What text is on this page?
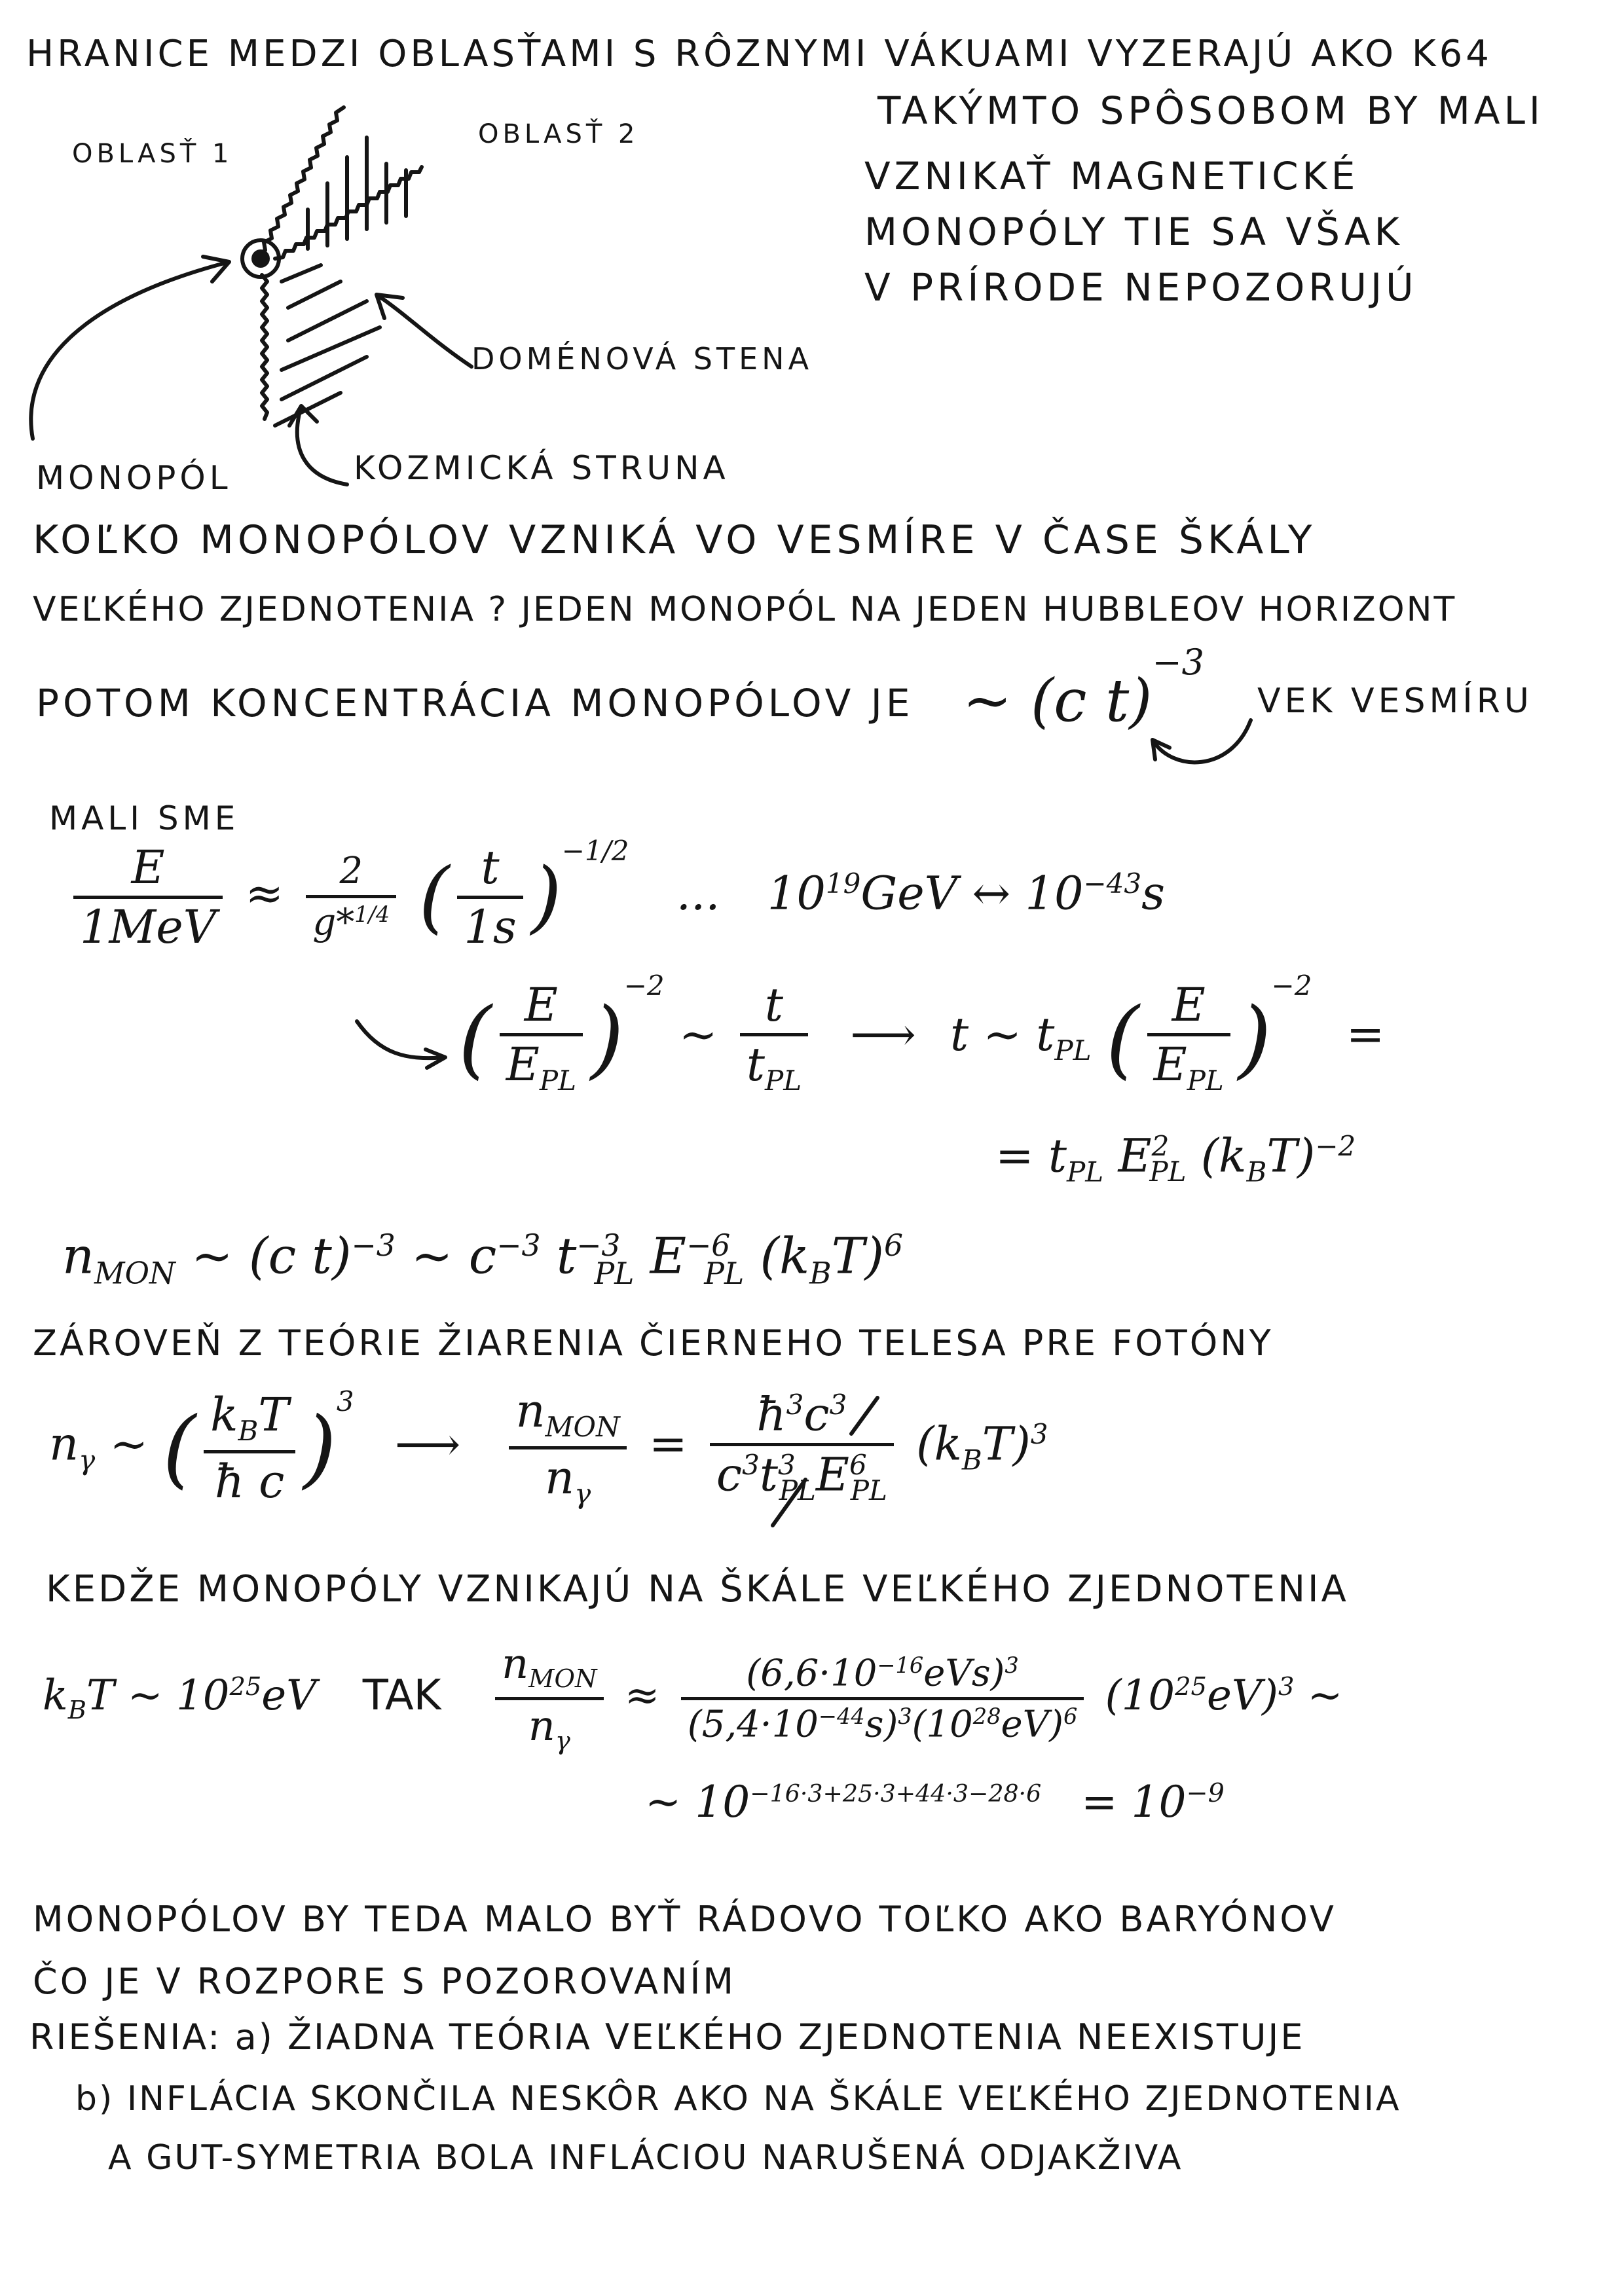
HRANICE MEDZI OBLASŤAMI S RÔZNYMI VÁKUAMI VYZERAJÚ AKO K64
OBLASŤ 1
OBLASŤ 2
DOMÉNOVÁ STENA
MONOPÓL	KOZMICKÁ STRUNA
TAKÝMTO SPÔSOBOM BY MALI
VZNIKAŤ MAGNETICKÉ
MONOPÓLY TIE SA VŠAK
V PRÍRODE NEPOZORUJÚ
KOĽKO MONOPÓLOV VZNIKÁ VO VESMÍRE V ČASE ŠKÁLY
VEĽKÉHO ZJEDNOTENIA ? JEDEN MONOPÓL NA JEDEN HUBBLEOV HORIZONT
POTOM KONCENTRÁCIA MONOPÓLOV JE ~ (c t)$^{-3}$
VEK VESMÍRU
MALI SME
$\frac{E}{\text{1MeV}} \approx \frac{2}{g*^{1/4}}$ ( $\frac{t}{1s} )^{-1/2}$ ... $10^{19}GeV$ ↔ $10^{-43}s$
( $\frac{E}{E_{PL}} )^{-2}$ ~ $\frac{t}{t_{PL}}$ ⟶ t ~ $t_{PL}$ ( $\frac{E}{E_{PL}} )^{-2}$ =
= $t_{PL}$ $E^2_{PL}$ $(k_BT)^{-2}$
$n_{MON}$ ~ (c t)$^{-3}$ ~ $c^{-3}$ $t^{-3}_{PL}$ $E^{-6}_{PL}$ $(k_BT)^6$
ZÁROVEŇ Z TEÓRIE ŽIARENIA ČIERNEHO TELESA PRE FOTÓNY
$n_\gamma$ ~ ( $\frac{k_BT}{\text{ħ c}} )^3$ ⟶ $\frac{n_{MON}}{n_\gamma} = \frac{ħ^3c^3}{c^3t^3_{PL}E^6_{PL}} (k_BT)^3$
KEDŽE MONOPÓLY VZNIKAJÚ NA ŠKÁLE VEĽKÉHO ZJEDNOTENIA
$k_BT$ ~ $10^{25}eV$ TAK $\frac{n_{MON}}{n_\gamma} \approx \frac{(6,6\cdot 10^{-16}eVs)^3}{(5,4\cdot 10^{-44}s)^3(10^{28}eV)^6} (10^{25}eV)^3$ ~
~ $10^{-16\cdot 3+25\cdot 3+44\cdot 3-28\cdot 6} = 10^{-9}$
MONOPÓLOV BY TEDA MALO BYŤ RÁDOVO TOĽKO AKO BARYÓNOV
ČO JE V ROZPORE S POZOROVANÍM
RIEŠENIA: a) ŽIADNA TEÓRIA VEĽKÉHO ZJEDNOTENIA NEEXISTUJE
b) INFLÁCIA SKONČILA NESKÔR AKO NA ŠKÁLE VEĽKÉHO ZJEDNOTENIA
A GUT-SYMETRIA BOLA INFLÁCIOU NARUŠENÁ ODJAKŽIVA
